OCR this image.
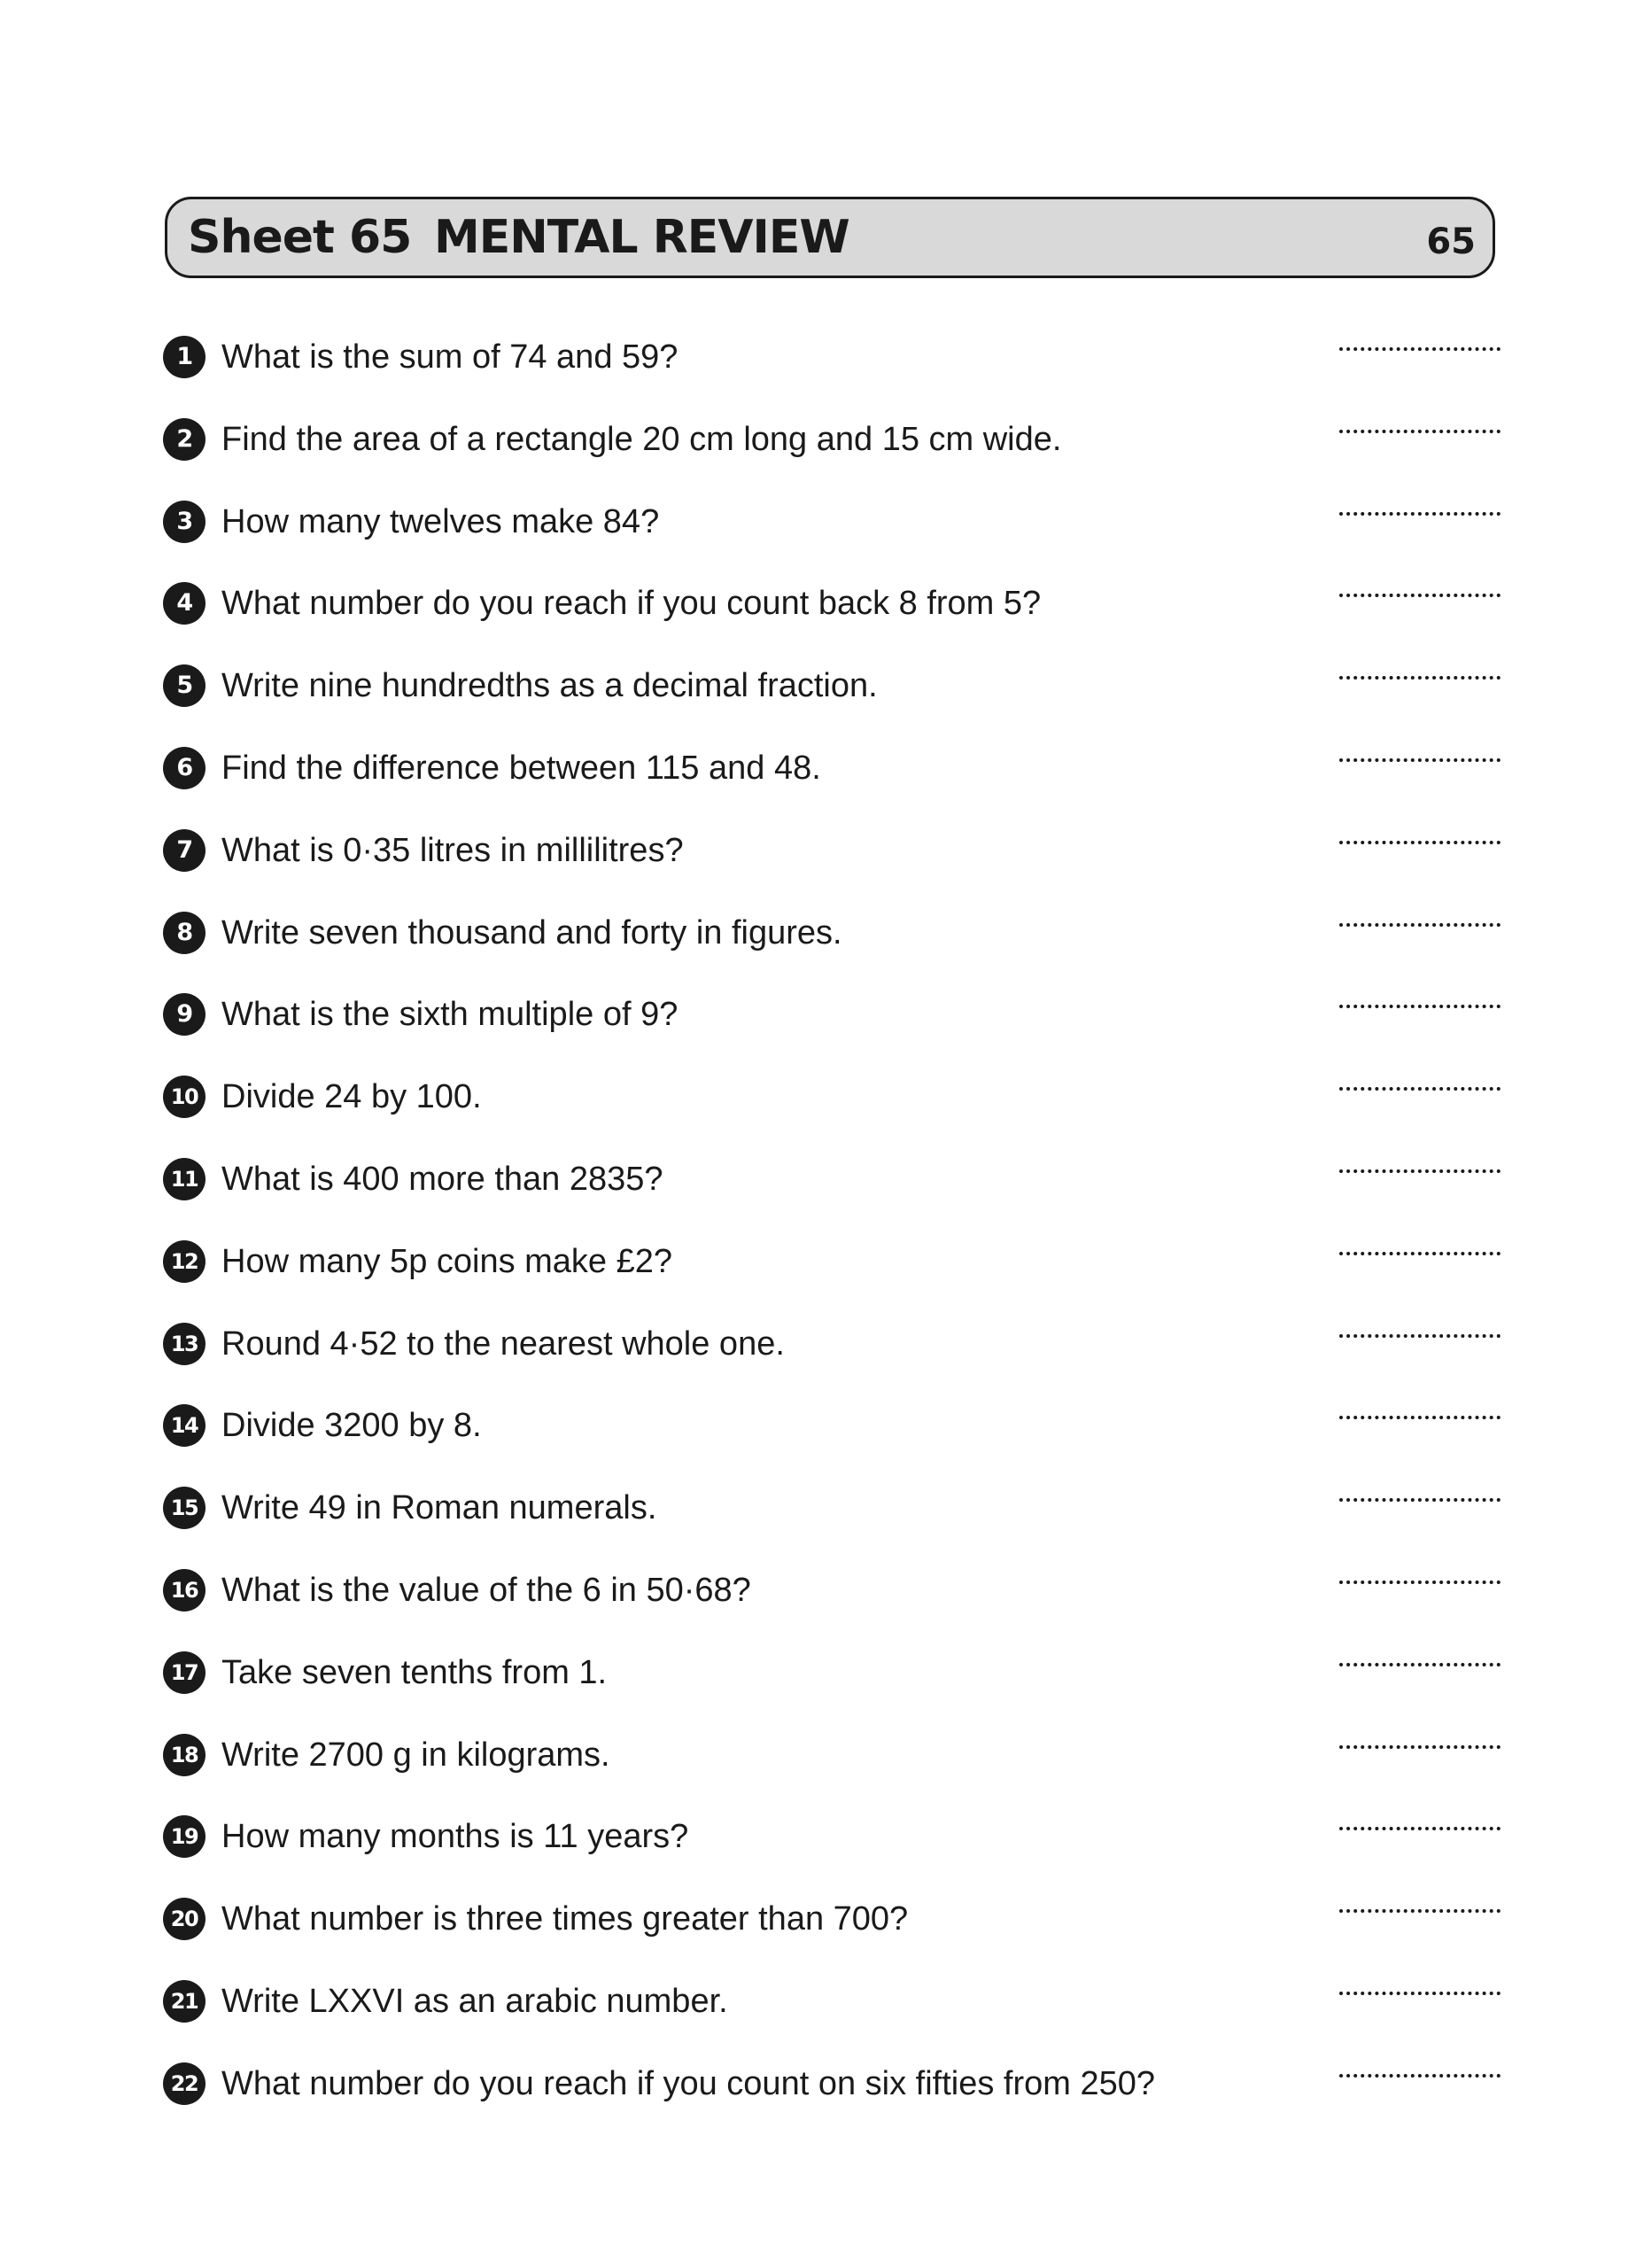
Sheet 65 MENTAL REVIEW	65
1 What is the sum of 74 and 59?
2 Find the area of a rectangle 20 cm long and 15 cm wide.
3 How many twelves make 84?
4 What number do you reach if you count back 8 from 5?
5 Write nine hundredths as a decimal fraction.
6 Find the difference between 115 and 48.
7 What is 0·35 litres in millilitres?
8 Write seven thousand and forty in figures.
9 What is the sixth multiple of 9?
10 Divide 24 by 100.
11 What is 400 more than 2835?
12 How many 5p coins make £2?
13 Round 4·52 to the nearest whole one.
14 Divide 3200 by 8.
15 Write 49 in Roman numerals.
16 What is the value of the 6 in 50·68?
17 Take seven tenths from 1.
18 Write 2700 g in kilograms.
19 How many months is 11 years?
20 What number is three times greater than 700?
21 Write LXXVI as an arabic number.
22 What number do you reach if you count on six fifties from 250?
